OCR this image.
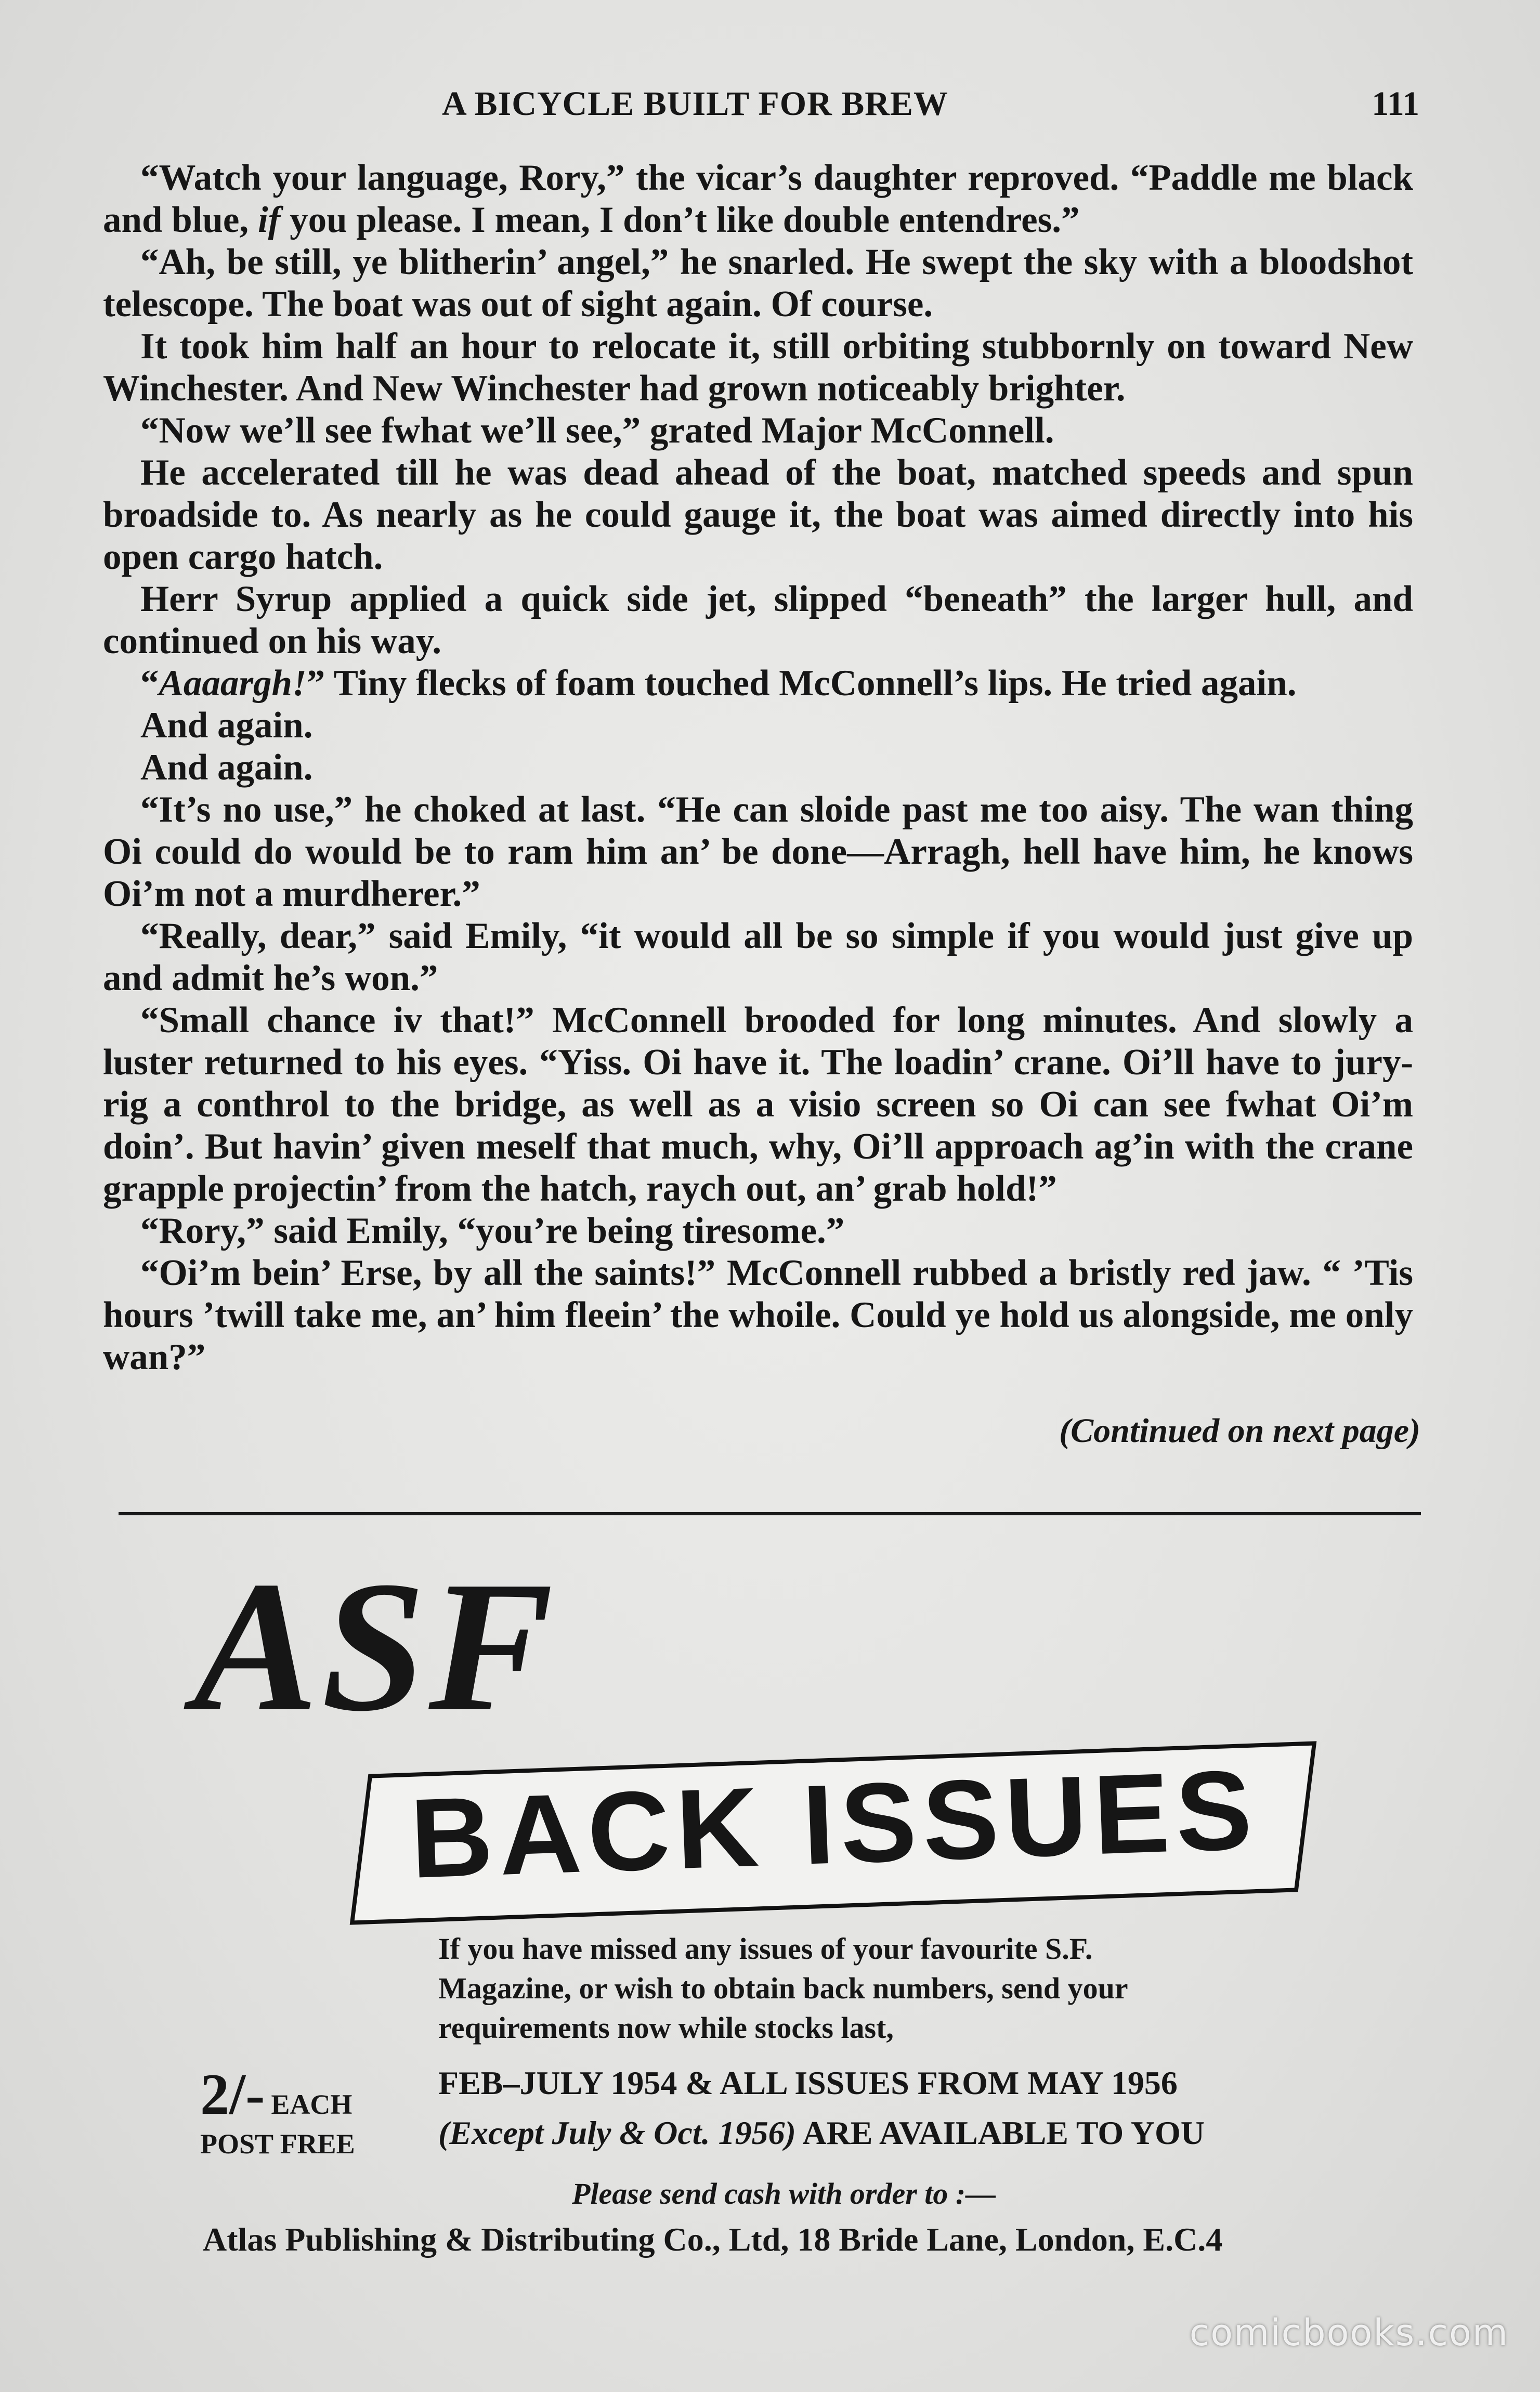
A BICYCLE BUILT FOR BREW	111

“Watch your language, Rory,” the vicar’s daughter reproved. “Paddle me black and blue, if you please. I mean, I don’t like double entendres.”

“Ah, be still, ye blitherin’ angel,” he snarled. He swept the sky with a bloodshot telescope. The boat was out of sight again. Of course.

It took him half an hour to relocate it, still orbiting stubbornly on toward New Winchester. And New Winchester had grown noticeably brighter.

“Now we’ll see fwhat we’ll see,” grated Major McConnell.

He accelerated till he was dead ahead of the boat, matched speeds and spun broadside to. As nearly as he could gauge it, the boat was aimed directly into his open cargo hatch.

Herr Syrup applied a quick side jet, slipped “beneath” the larger hull, and continued on his way.

“Aaaargh!” Tiny flecks of foam touched McConnell’s lips. He tried again.

And again.

And again.

“It’s no use,” he choked at last. “He can sloide past me too aisy. The wan thing Oi could do would be to ram him an’ be done—Arragh, hell have him, he knows Oi’m not a murdherer.”

“Really, dear,” said Emily, “it would all be so simple if you would just give up and admit he’s won.”

“Small chance iv that!” McConnell brooded for long minutes. And slowly a luster returned to his eyes. “Yiss. Oi have it. The loadin’ crane. Oi’ll have to jury-rig a conthrol to the bridge, as well as a visio screen so Oi can see fwhat Oi’m doin’. But havin’ given meself that much, why, Oi’ll approach ag’in with the crane grapple projectin’ from the hatch, raych out, an’ grab hold!”

“Rory,” said Emily, “you’re being tiresome.”

“Oi’m bein’ Erse, by all the saints!” McConnell rubbed a bristly red jaw. “ ’Tis hours ’twill take me, an’ him fleein’ the whoile. Could ye hold us alongside, me only wan?”

(Continued on next page)
ASF
BACK ISSUES

If you have missed any issues of your favourite S.F.

Magazine, or wish to obtain back numbers, send your

requirements now while stocks last,

2/- EACH
POST FREE
FEB–JULY 1954 & ALL ISSUES FROM MAY 1956
(Except July & Oct. 1956) ARE AVAILABLE TO YOU
Please send cash with order to :—
Atlas Publishing & Distributing Co., Ltd, 18 Bride Lane, London, E.C.4
comicbooks.com
